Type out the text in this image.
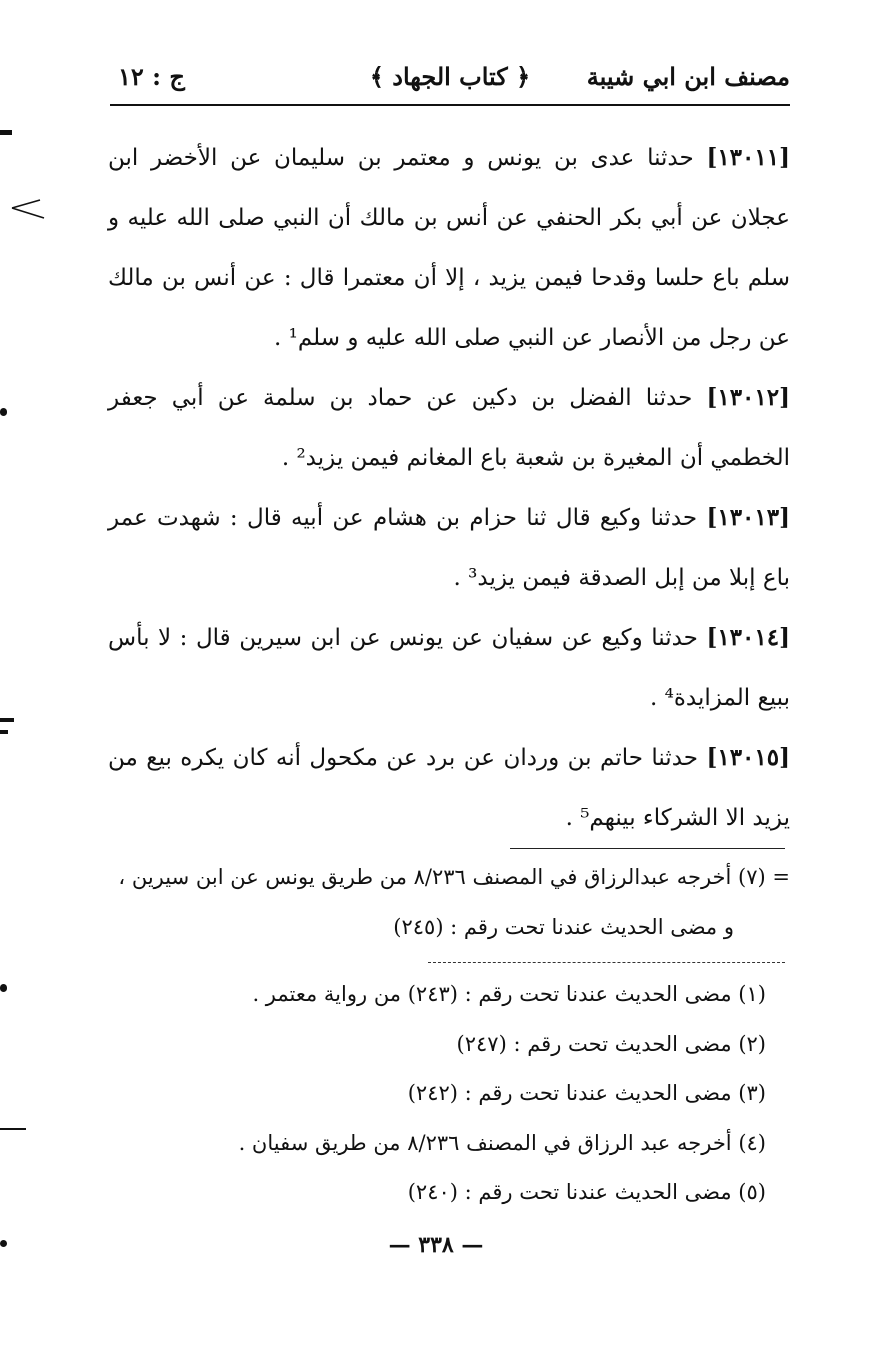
مصنف ابن ابي شيبة
﴿ كتاب الجهاد ﴾
ج : ١٢

[١٣٠١١] حدثنا عدى بن يونس و معتمر بن سليمان عن الأخضر ابن عجلان عن أبي بكر الحنفي عن أنس بن مالك أن النبي صلى الله عليه و سلم باع حلسا وقدحا فيمن يزيد ، إلا أن معتمرا قال : عن أنس بن مالك عن رجل من الأنصار عن النبي صلى الله عليه و سلم¹ .

[١٣٠١٢] حدثنا الفضل بن دكين عن حماد بن سلمة عن أبي جعفر الخطمي أن المغيرة بن شعبة باع المغانم فيمن يزيد² .

[١٣٠١٣] حدثنا وكيع قال ثنا حزام بن هشام عن أبيه قال : شهدت عمر باع إبلا من إبل الصدقة فيمن يزيد³ .

[١٣٠١٤] حدثنا وكيع عن سفيان عن يونس عن ابن سيرين قال : لا بأس ببيع المزايدة⁴ .

[١٣٠١٥] حدثنا حاتم بن وردان عن برد عن مكحول أنه كان يكره بيع من يزيد الا الشركاء بينهم⁵ .

= (٧) أخرجه عبدالرزاق في المصنف ٨/٢٣٦ من طريق يونس عن ابن سيرين ،

و مضى الحديث عندنا تحت رقم : (٢٤٥)

(١) مضى الحديث عندنا تحت رقم : (٢٤٣) من رواية معتمر .

(٢) مضى الحديث تحت رقم : (٢٤٧)

(٣) مضى الحديث عندنا تحت رقم : (٢٤٢)

(٤) أخرجه عبد الرزاق في المصنف ٨/٢٣٦ من طريق سفيان .

(٥) مضى الحديث عندنا تحت رقم : (٢٤٠)

— ٣٣٨ —
